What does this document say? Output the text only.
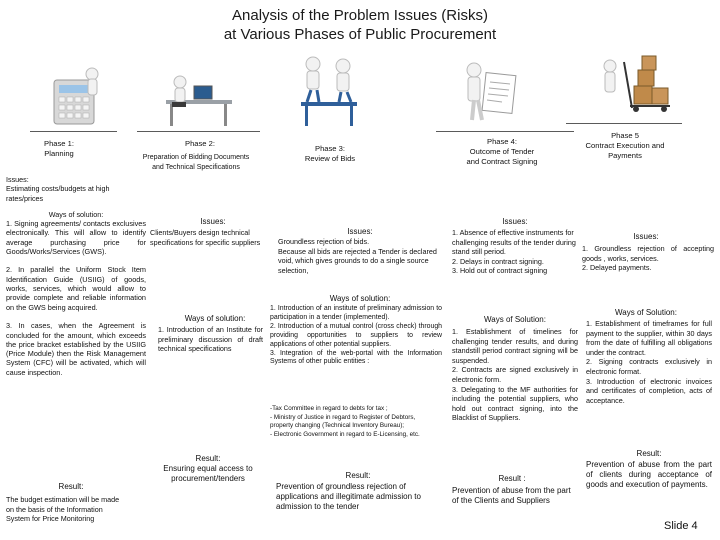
Analysis of the Problem Issues (Risks)
at Various Phases of Public Procurement
Phase 1:
Planning
Phase 2:
Preparation of Bidding Documents
and Technical Specifications
Phase 3:
Review of Bids
Phase 4:
Outcome of Tender
and Contract Signing
Phase 5
Contract Execution and
Payments
Issues:
Estimating costs/budgets at high rates/prices
Ways of solution:
1. Signing agreements/ contacts exclusives electronically. This will allow to identify average purchasing price for Goods/Works/Services (GWS).

2. In parallel the Uniform Stock Item Identification Guide (USIIG) of goods, works, services, which would allow to provide complete and reliable information on the GWS being acquired.

3. In cases, when the Agreement is concluded for the amount, which exceeds the price bracket established by the USIIG (Price Module) then the Risk Management System (CFC) will be activated, which will cause inspection.
Result:
The budget estimation will be made on the basis of the Information System for Price Monitoring
Issues:
Clients/Buyers design technical specifications for specific suppliers
Ways of solution:
1. Introduction of an Institute for preliminary discussion of draft technical specifications
Result:
Ensuring equal access to procurement/tenders
Issues:
Groundless rejection of bids.
Because all bids are rejected a Tender is declared void, which gives grounds to do a single source selection,
Ways of solution:
1. Introduction of an institute of preliminary admission to participation in a tender (implemented).
2. Introduction of a mutual control (cross check) through providing opportunities to suppliers to review applications of other potential suppliers.
3. Integration of the web-portal with the Information Systems of other public entities :
-Tax Committee in regard to debts for tax ;
- Ministry of Justice in regard to Register of Debtors, property changing (Technical Inventory Bureau);
- Electronic Government in regard to E-Licensing, etc.
Result:
Prevention of groundless rejection of applications and illegitimate admission to admission to the tender
Issues:
1. Absence of effective instruments for challenging results of the tender during stand still period.
2. Delays in contract signing.
3. Hold out of contract signing
Ways of Solution:
1. Establishment of timelines for challenging tender results, and during standstill period contract signing will be suspended.
2. Contracts are signed exclusively in electronic form.
3. Delegating to the MF authorities for including the potential suppliers, who hold out contract signing, into the Blacklist of Suppliers.
Result :
Prevention of abuse from the part of the Clients and Suppliers
Issues:
1. Groundless rejection of accepting goods , works, services.
2. Delayed payments.
Ways of Solution:
1. Establishment of timeframes for full payment to the supplier, within 30 days from the date of fulfilling all obligations under the contract.
2. Signing contracts exclusively in electronic format.
3. Introduction of electronic invoices and certificates of completion, acts of acceptance.
Result:
Prevention of abuse from the part of clients during acceptance of goods and execution of payments.
Slide 4
